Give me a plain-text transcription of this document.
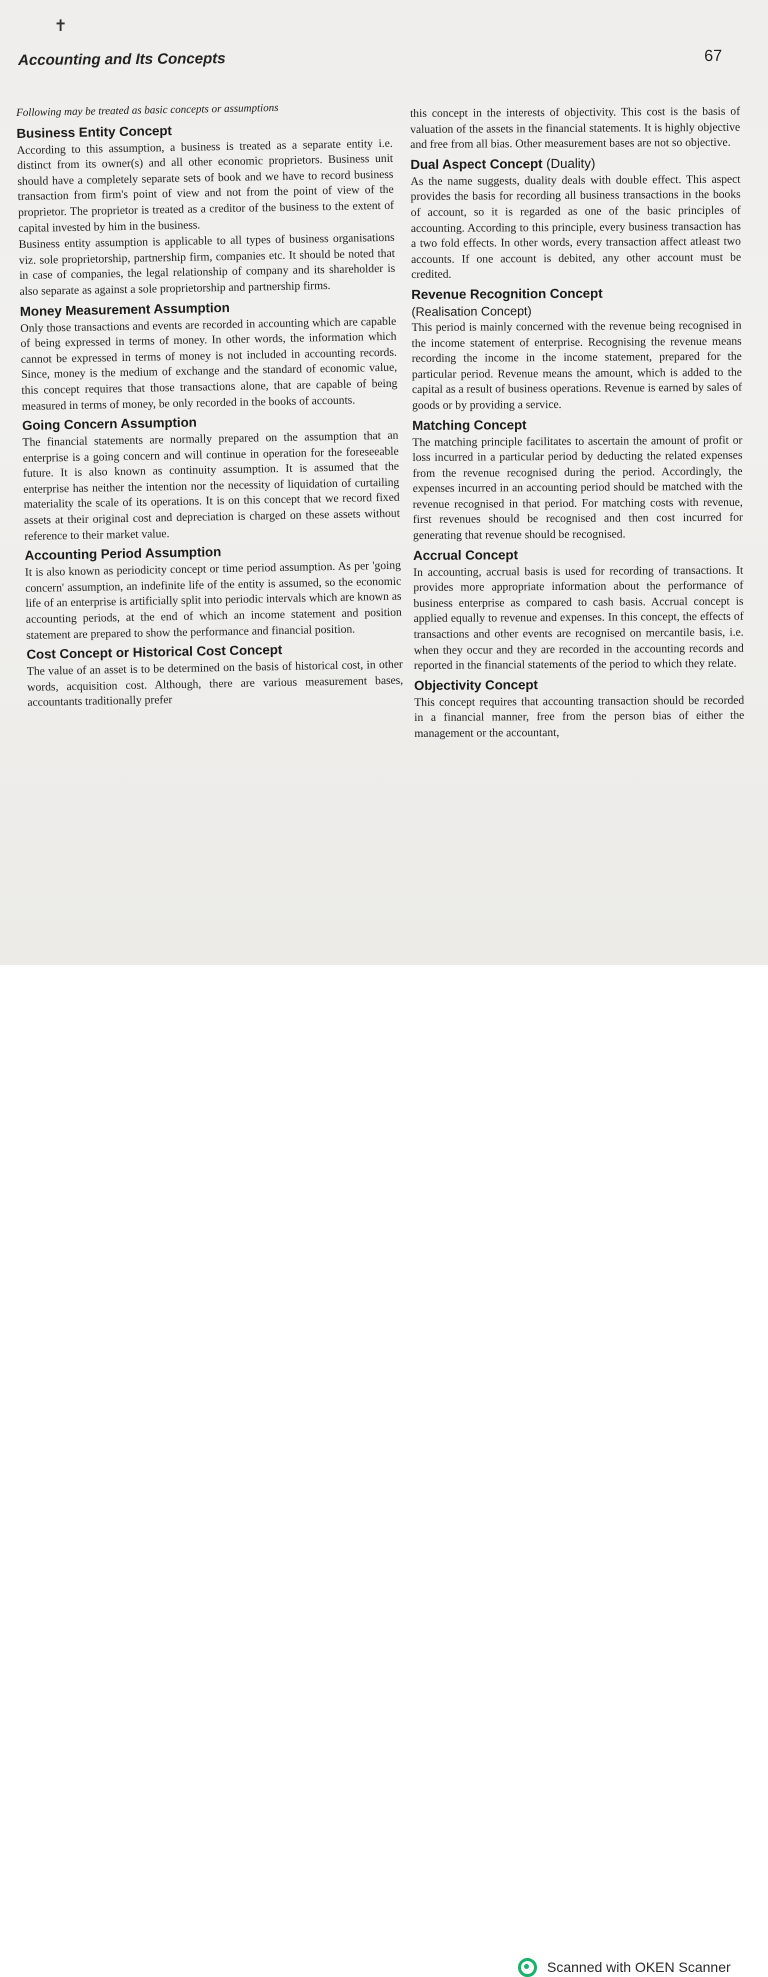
✝
Accounting and Its Concepts	67

Following may be treated as basic concepts or assumptions

Business Entity Concept

According to this assumption, a business is treated as a separate entity i.e. distinct from its owner(s) and all other economic proprietors. Business unit should have a completely separate sets of book and we have to record business transaction from firm's point of view and not from the point of view of the proprietor. The proprietor is treated as a creditor of the business to the extent of capital invested by him in the business.

Business entity assumption is applicable to all types of business organisations viz. sole proprietorship, partnership firm, companies etc. It should be noted that in case of companies, the legal relationship of company and its shareholder is also separate as against a sole proprietorship and partnership firms.

Money Measurement Assumption

Only those transactions and events are recorded in accounting which are capable of being expressed in terms of money. In other words, the information which cannot be expressed in terms of money is not included in accounting records. Since, money is the medium of exchange and the standard of economic value, this concept requires that those transactions alone, that are capable of being measured in terms of money, be only recorded in the books of accounts.

Going Concern Assumption

The financial statements are normally prepared on the assumption that an enterprise is a going concern and will continue in operation for the foreseeable future. It is also known as continuity assumption. It is assumed that the enterprise has neither the intention nor the necessity of liquidation of curtailing materiality the scale of its operations. It is on this concept that we record fixed assets at their original cost and depreciation is charged on these assets without reference to their market value.

Accounting Period Assumption

It is also known as periodicity concept or time period assumption. As per 'going concern' assumption, an indefinite life of the entity is assumed, so the economic life of an enterprise is artificially split into periodic intervals which are known as accounting periods, at the end of which an income statement and position statement are prepared to show the performance and financial position.

Cost Concept or Historical Cost Concept

The value of an asset is to be determined on the basis of historical cost, in other words, acquisition cost. Although, there are various measurement bases, accountants traditionally prefer

this concept in the interests of objectivity. This cost is the basis of valuation of the assets in the financial statements. It is highly objective and free from all bias. Other measurement bases are not so objective.

Dual Aspect Concept (Duality)

As the name suggests, duality deals with double effect. This aspect provides the basis for recording all business transactions in the books of account, so it is regarded as one of the basic principles of accounting. According to this principle, every business transaction has a two fold effects. In other words, every transaction affect atleast two accounts. If one account is debited, any other account must be credited.

Revenue Recognition Concept

(Realisation Concept)

This period is mainly concerned with the revenue being recognised in the income statement of enterprise. Recognising the revenue means recording the income in the income statement, prepared for the particular period. Revenue means the amount, which is added to the capital as a result of business operations. Revenue is earned by sales of goods or by providing a service.

Matching Concept

The matching principle facilitates to ascertain the amount of profit or loss incurred in a particular period by deducting the related expenses from the revenue recognised during the period. Accordingly, the expenses incurred in an accounting period should be matched with the revenue recognised in that period. For matching costs with revenue, first revenues should be recognised and then cost incurred for generating that revenue should be recognised.

Accrual Concept

In accounting, accrual basis is used for recording of transactions. It provides more appropriate information about the performance of business enterprise as compared to cash basis. Accrual concept is applied equally to revenue and expenses. In this concept, the effects of transactions and other events are recognised on mercantile basis, i.e. when they occur and they are recorded in the accounting records and reported in the financial statements of the period to which they relate.

Objectivity Concept

This concept requires that accounting transaction should be recorded in a financial manner, free from the person bias of either the management or the accountant,

Scanned with OKEN Scanner
